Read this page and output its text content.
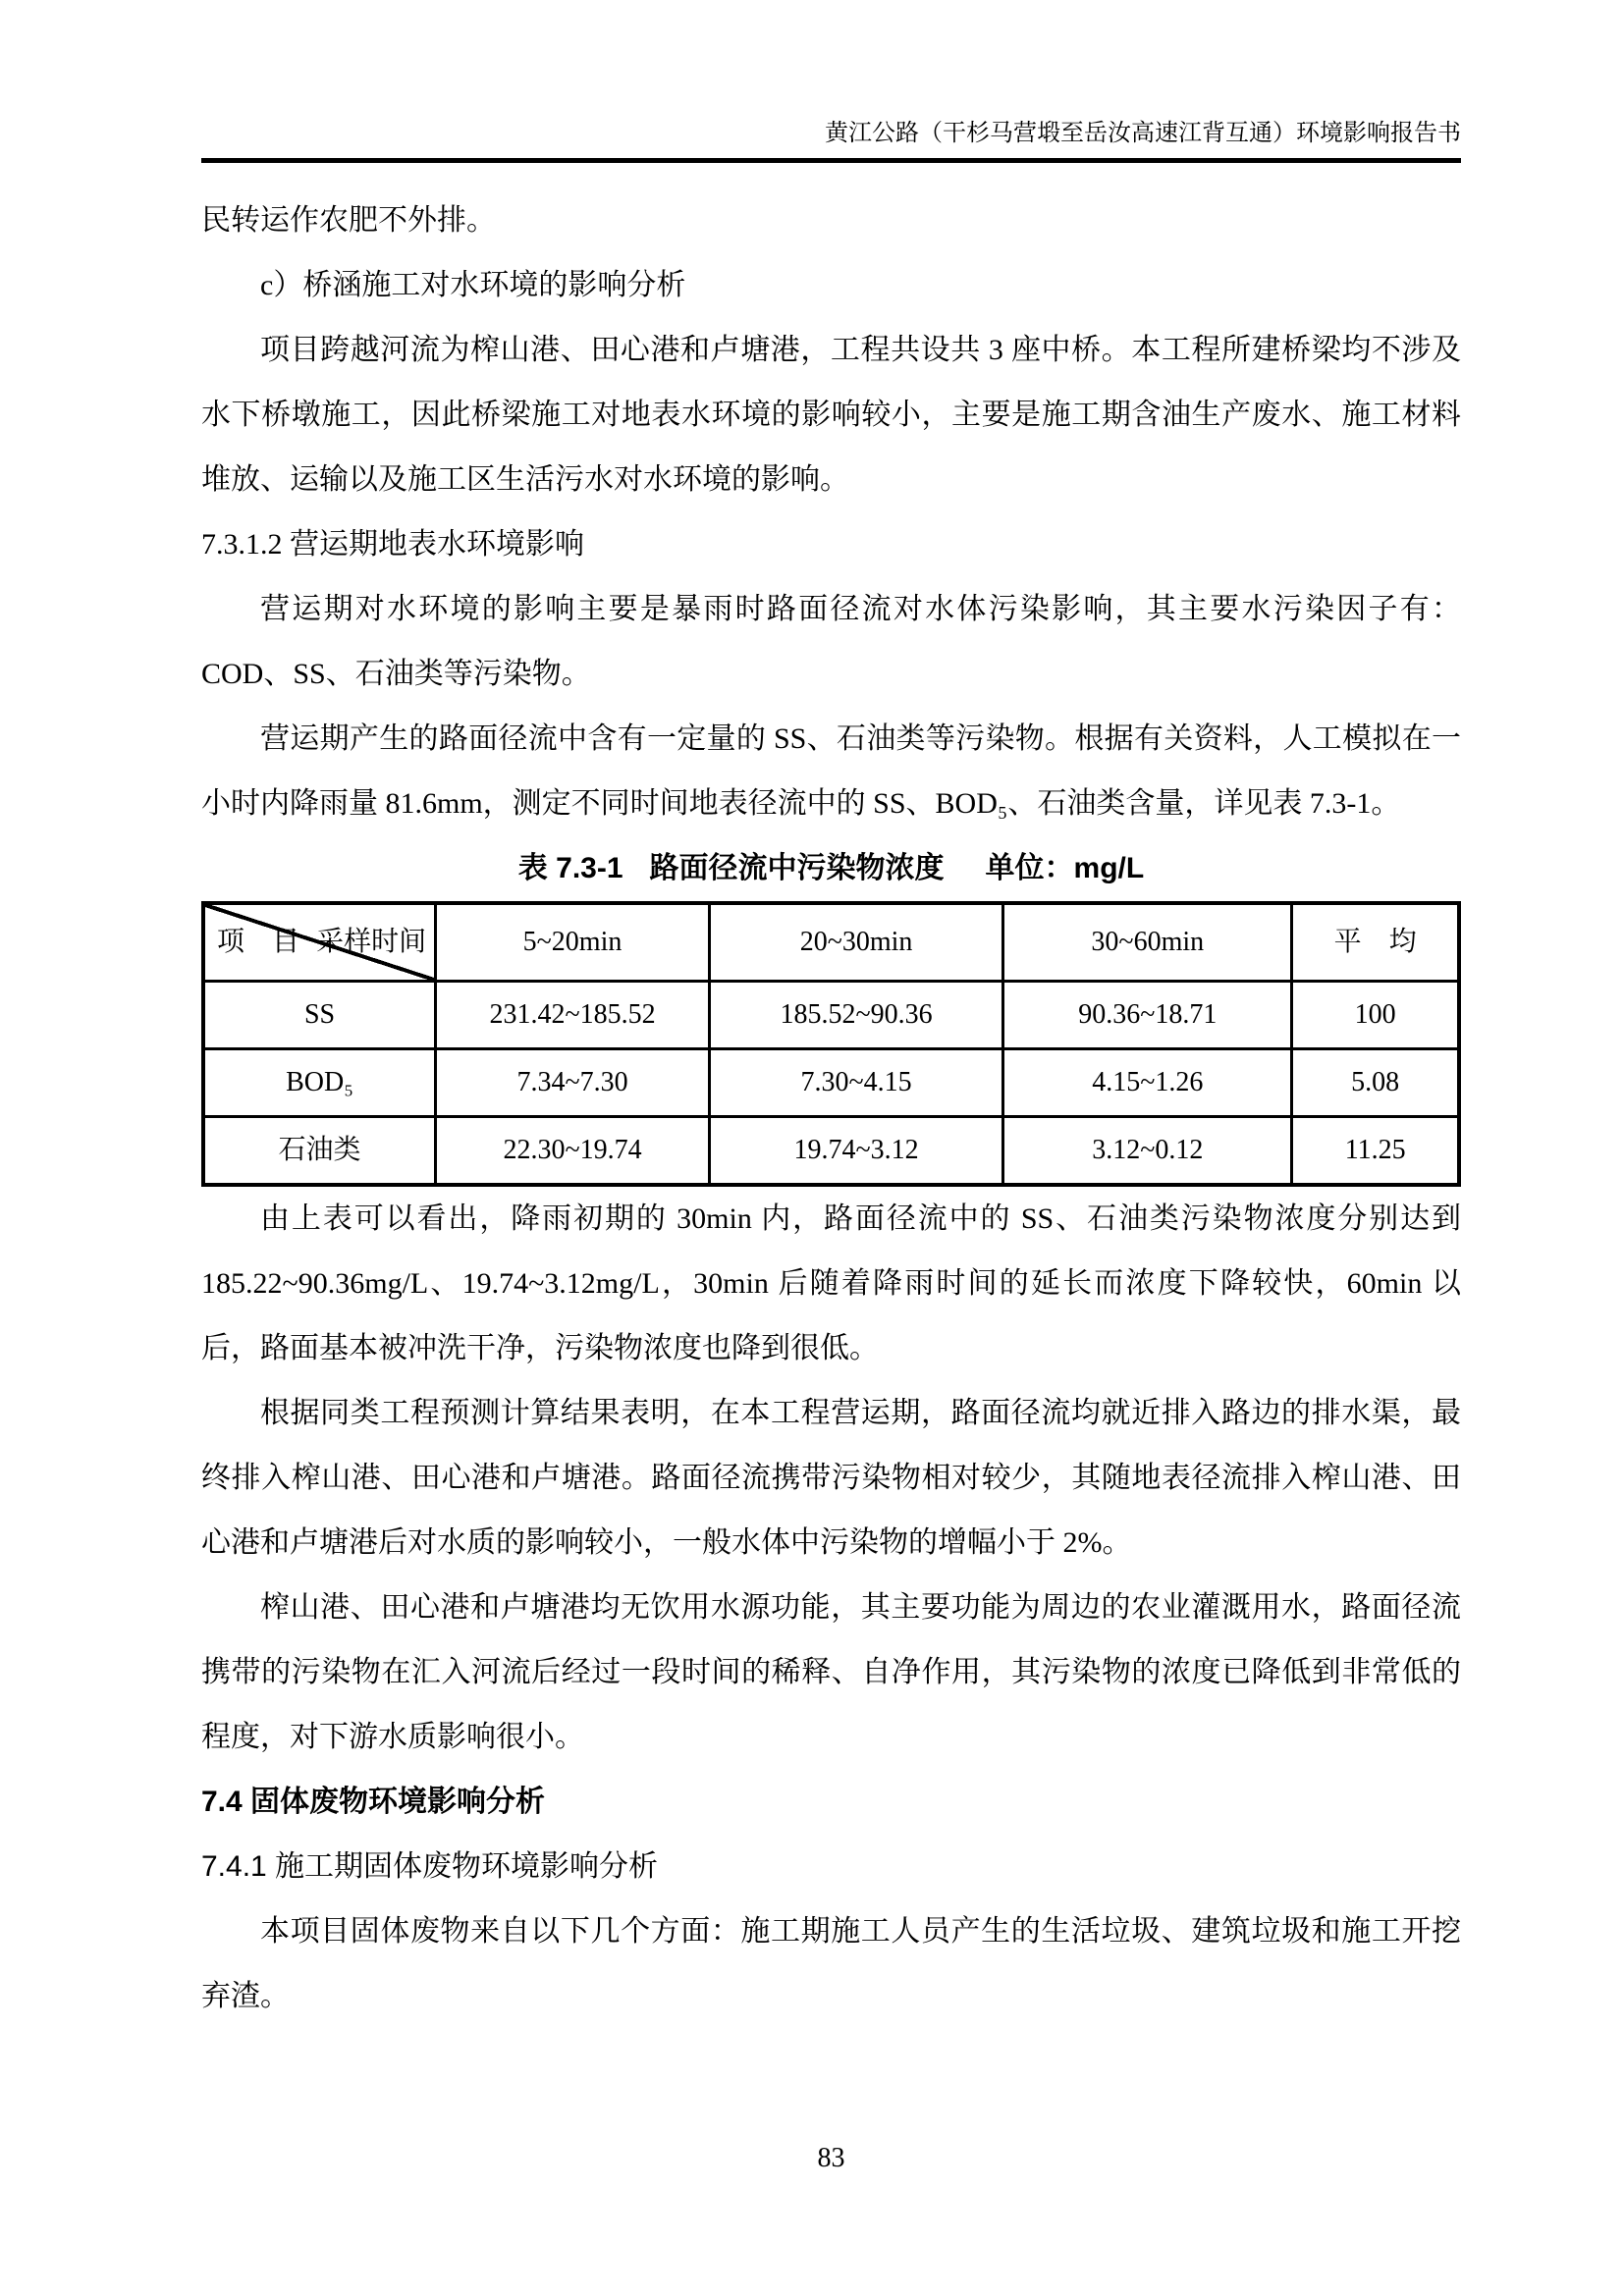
黄江公路（干杉马营塅至岳汝高速江背互通）环境影响报告书

民转运作农肥不外排。

c）桥涵施工对水环境的影响分析

项目跨越河流为榨山港、田心港和卢塘港，工程共设共 3 座中桥。本工程所建桥梁均不涉及水下桥墩施工，因此桥梁施工对地表水环境的影响较小，主要是施工期含油生产废水、施工材料堆放、运输以及施工区生活污水对水环境的影响。

7.3.1.2 营运期地表水环境影响

营运期对水环境的影响主要是暴雨时路面径流对水体污染影响，其主要水污染因子有：COD、SS、石油类等污染物。

营运期产生的路面径流中含有一定量的 SS、石油类等污染物。根据有关资料，人工模拟在一小时内降雨量 81.6mm，测定不同时间地表径流中的 SS、BOD₅、石油类含量，详见表 7.3-1。

表 7.3-1 路面径流中污染物浓度 单位：mg/L
采样时间
项　目	5~20min	20~30min	30~60min	平　均
SS	231.42~185.52	185.52~90.36	90.36~18.71	100
BOD₅	7.34~7.30	7.30~4.15	4.15~1.26	5.08
石油类	22.30~19.74	19.74~3.12	3.12~0.12	11.25

由上表可以看出，降雨初期的 30min 内，路面径流中的 SS、石油类污染物浓度分别达到 185.22~90.36mg/L、19.74~3.12mg/L，30min 后随着降雨时间的延长而浓度下降较快，60min 以后，路面基本被冲洗干净，污染物浓度也降到很低。

根据同类工程预测计算结果表明，在本工程营运期，路面径流均就近排入路边的排水渠，最终排入榨山港、田心港和卢塘港。路面径流携带污染物相对较少，其随地表径流排入榨山港、田心港和卢塘港后对水质的影响较小，一般水体中污染物的增幅小于 2%。

榨山港、田心港和卢塘港均无饮用水源功能，其主要功能为周边的农业灌溉用水，路面径流携带的污染物在汇入河流后经过一段时间的稀释、自净作用，其污染物的浓度已降低到非常低的程度，对下游水质影响很小。

7.4 固体废物环境影响分析

7.4.1 施工期固体废物环境影响分析

本项目固体废物来自以下几个方面：施工期施工人员产生的生活垃圾、建筑垃圾和施工开挖弃渣。

83
